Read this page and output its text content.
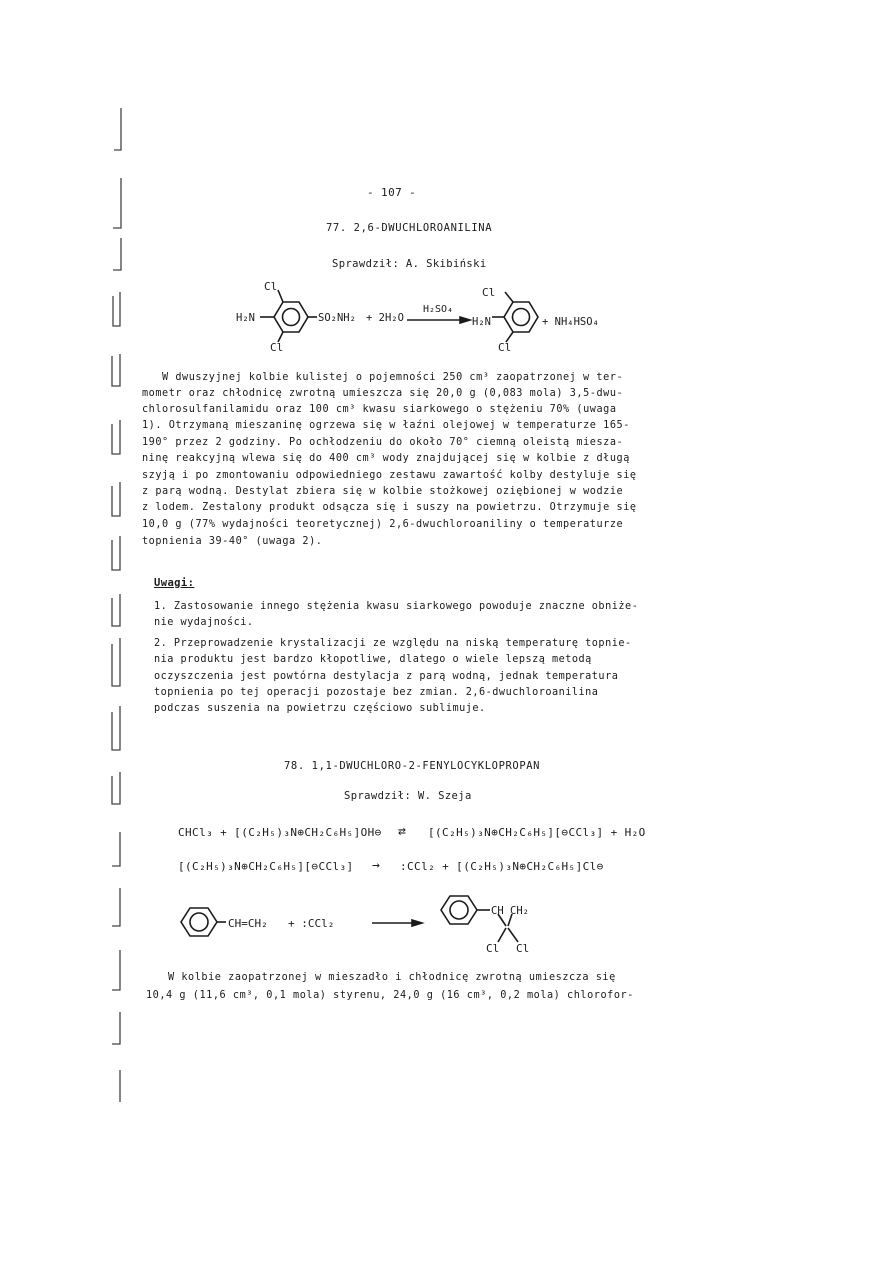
- 107 -
77. 2,6-DWUCHLOROANILINA
Sprawdził: A. Skibiński
Cl
H₂N	SO₂NH₂
Cl
+ 2H₂O
H₂SO₄
Cl
H₂N
Cl
+ NH₄HSO₄
W dwuszyjnej kolbie kulistej o pojemności 250 cm³ zaopatrzonej w ter-
mometr oraz chłodnicę zwrotną umieszcza się 20,0 g (0,083 mola) 3,5-dwu-
chlorosulfanilamidu oraz 100 cm³ kwasu siarkowego o stężeniu 70% (uwaga
1). Otrzymaną mieszaninę ogrzewa się w łaźni olejowej w temperaturze 165-
190° przez 2 godziny. Po ochłodzeniu do około 70° ciemną oleistą miesza-
ninę reakcyjną wlewa się do 400 cm³ wody znajdującej się w kolbie z długą
szyją i po zmontowaniu odpowiedniego zestawu zawartość kolby destyluje się
z parą wodną. Destylat zbiera się w kolbie stożkowej oziębionej w wodzie
z lodem. Zestalony produkt odsącza się i suszy na powietrzu. Otrzymuje się
10,0 g (77% wydajności teoretycznej) 2,6-dwuchloroaniliny o temperaturze
topnienia 39-40° (uwaga 2).
Uwagi:
1. Zastosowanie innego stężenia kwasu siarkowego powoduje znaczne obniże-
nie wydajności.
2. Przeprowadzenie krystalizacji ze względu na niską temperaturę topnie-
nia produktu jest bardzo kłopotliwe, dlatego o wiele lepszą metodą
oczyszczenia jest powtórna destylacja z parą wodną, jednak temperatura
topnienia po tej operacji pozostaje bez zmian. 2,6-dwuchloroanilina
podczas suszenia na powietrzu częściowo sublimuje.
78. 1,1-DWUCHLORO-2-FENYLOCYKLOPROPAN
Sprawdził: W. Szeja
CHCl₃ + [(C₂H₅)₃N⊕CH₂C₆H₅]OH⊖ ⇄ [(C₂H₅)₃N⊕CH₂C₆H₅][⊖CCl₃] + H₂O
[(C₂H₅)₃N⊕CH₂C₆H₅][⊖CCl₃] → :CCl₂ + [(C₂H₅)₃N⊕CH₂C₆H₅]Cl⊖
CH=CH₂ + :CCl₂
CH CH₂
Cl Cl
W kolbie zaopatrzonej w mieszadło i chłodnicę zwrotną umieszcza się
10,4 g (11,6 cm³, 0,1 mola) styrenu, 24,0 g (16 cm³, 0,2 mola) chlorofor-
